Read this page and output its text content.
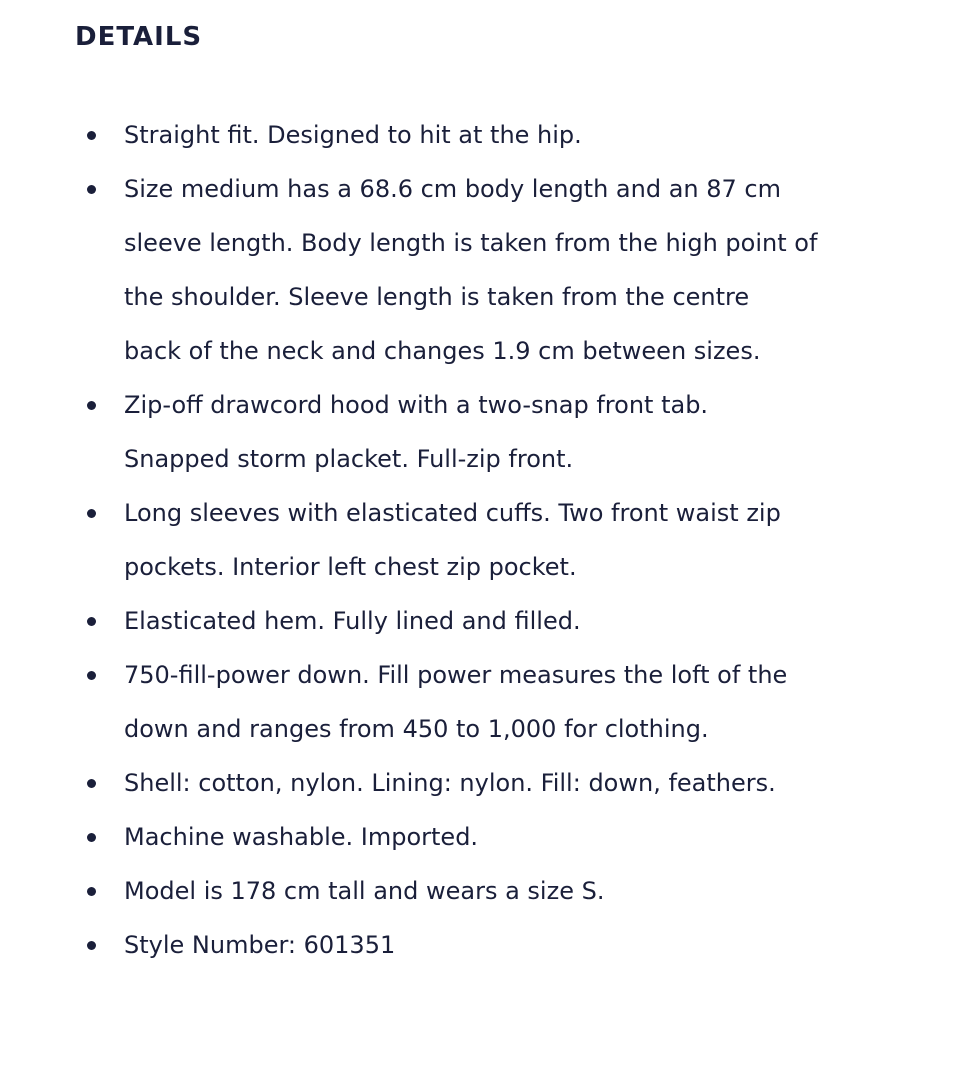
DETAILS
Straight fit. Designed to hit at the hip.
Size medium has a 68.6 cm body length and an 87 cm
sleeve length. Body length is taken from the high point of
the shoulder. Sleeve length is taken from the centre
back of the neck and changes 1.9 cm between sizes.
Zip-off drawcord hood with a two-snap front tab.
Snapped storm placket. Full-zip front.
Long sleeves with elasticated cuffs. Two front waist zip
pockets. Interior left chest zip pocket.
Elasticated hem. Fully lined and filled.
750-fill-power down. Fill power measures the loft of the
down and ranges from 450 to 1,000 for clothing.
Shell: cotton, nylon. Lining: nylon. Fill: down, feathers.
Machine washable. Imported.
Model is 178 cm tall and wears a size S.
Style Number: 601351
